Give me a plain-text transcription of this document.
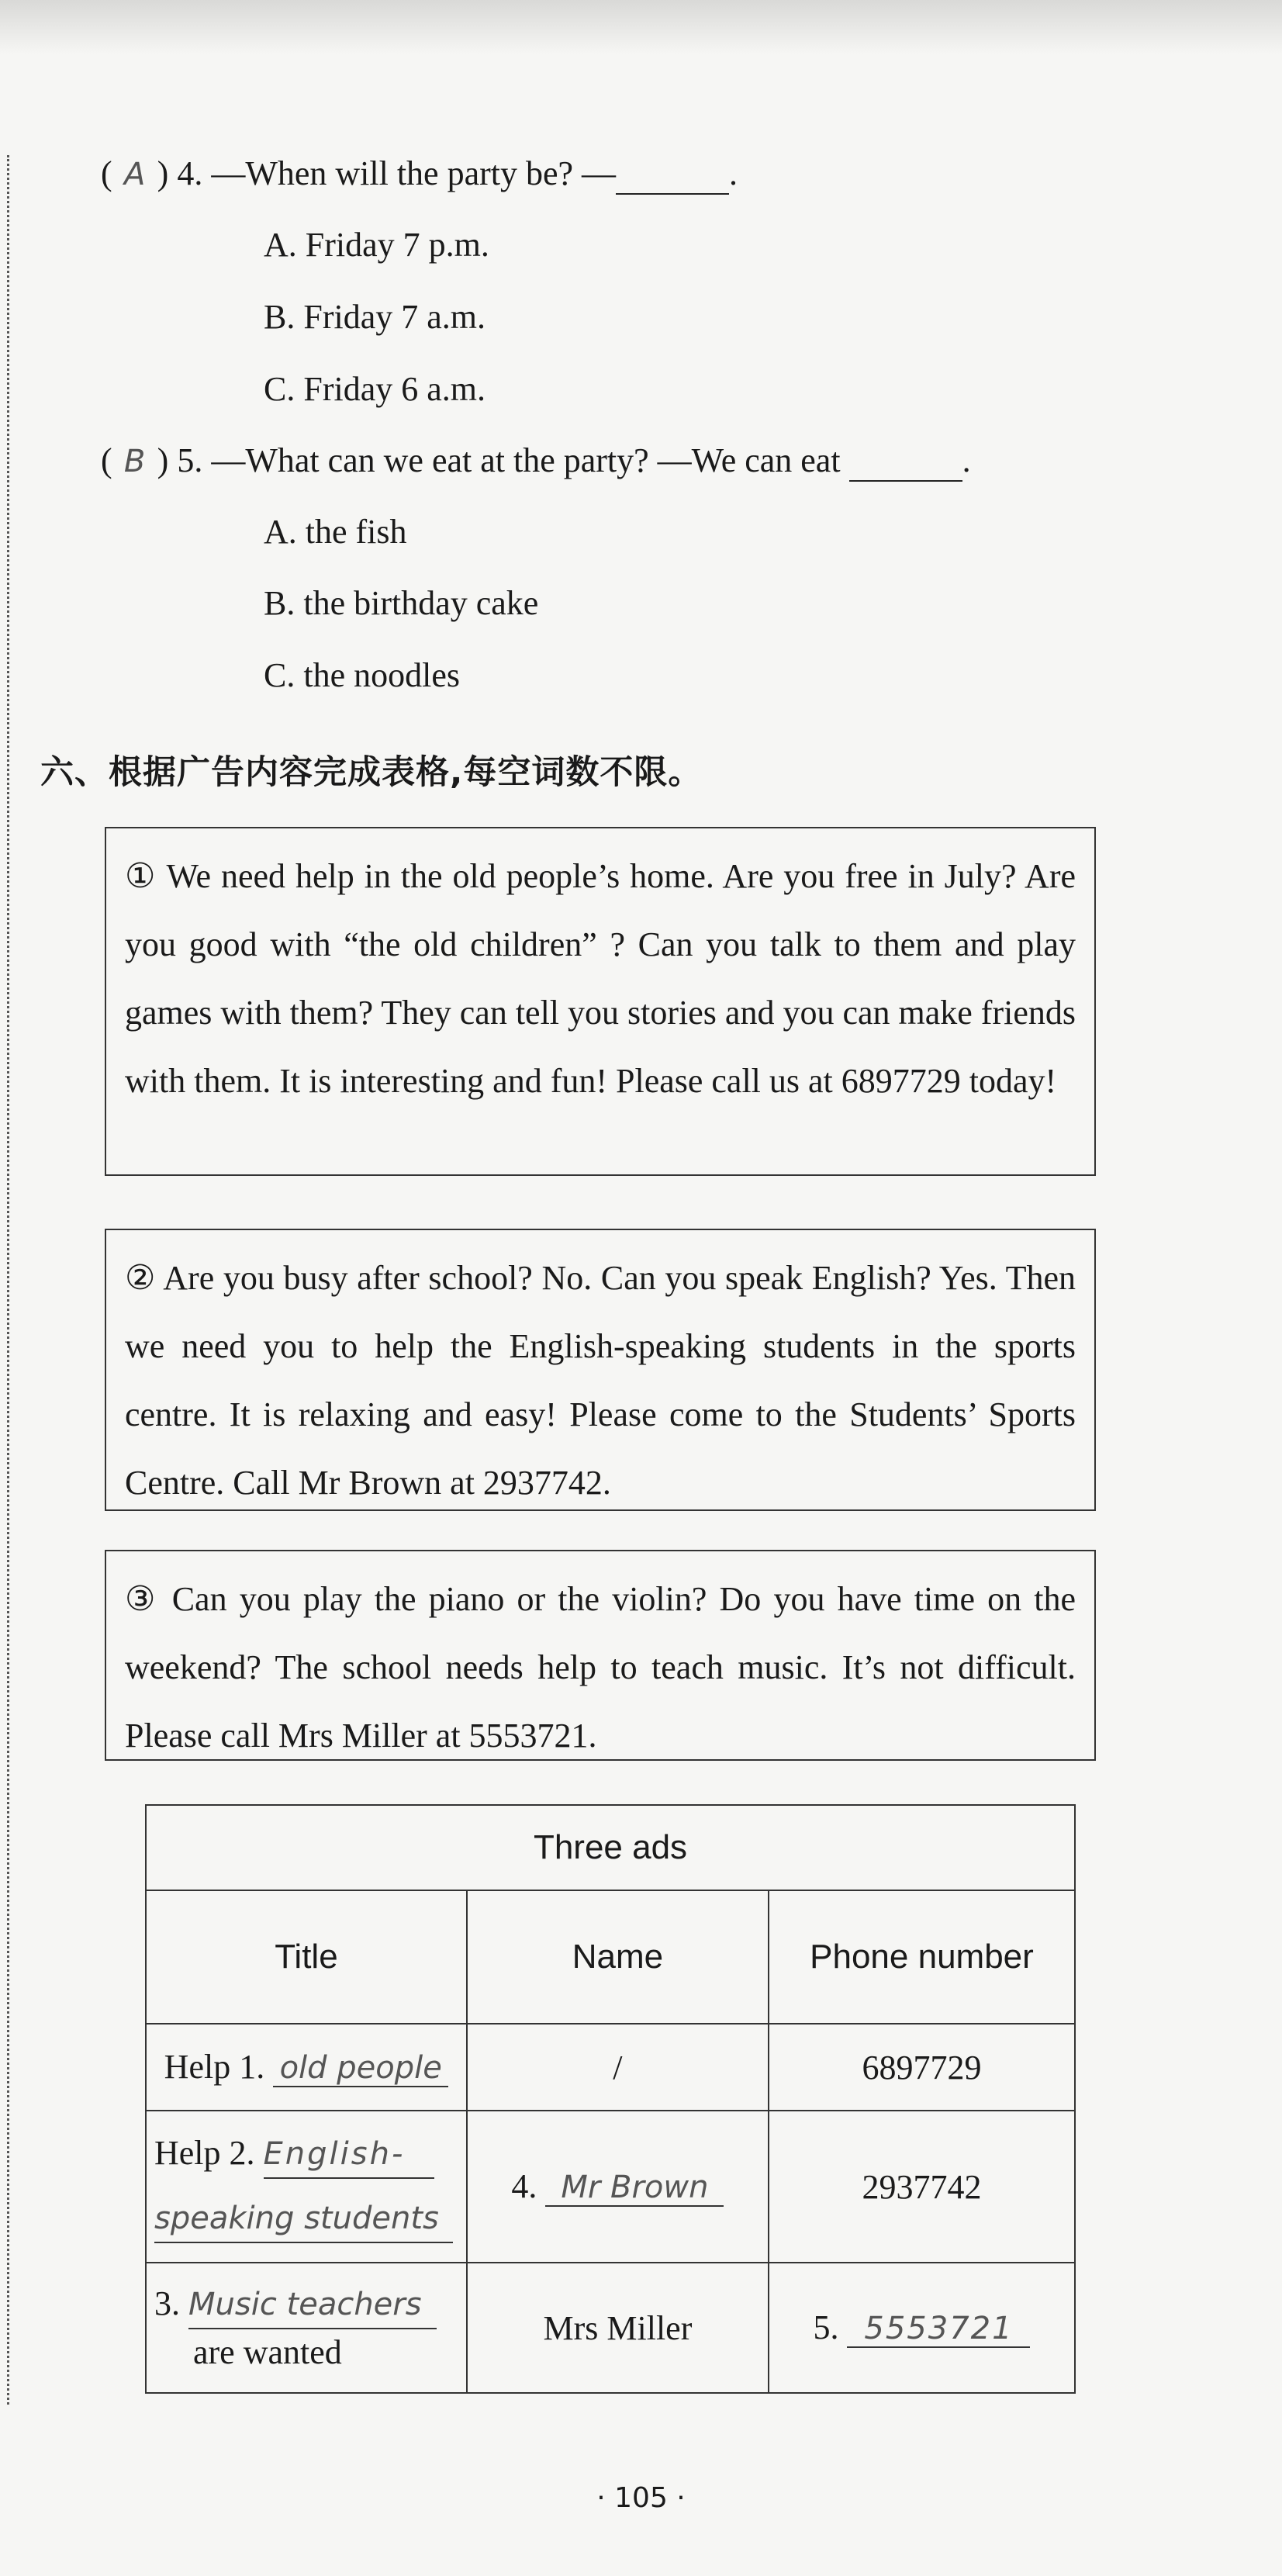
( A ) 4. —When will the party be? —	.
A. Friday 7 p.m.
B. Friday 7 a.m.
C. Friday 6 a.m.
( B ) 5. —What can we eat at the party? —We can eat	.
A. the fish
B. the birthday cake
C. the noodles
六、根据广告内容完成表格,每空词数不限。
① We need help in the old people’s home. Are you free in July? Are you good with “the old children” ? Can you talk to them and play games with them? They can tell you stories and you can make friends with them. It is interesting and fun! Please call us at 6897729 today!
② Are you busy after school? No. Can you speak English? Yes. Then we need you to help the English-speaking students in the sports centre. It is relaxing and easy! Please come to the Students’ Sports Centre. Call Mr Brown at 2937742.
③ Can you play the piano or the violin? Do you have time on the weekend? The school needs help to teach music. It’s not difficult. Please call Mrs Miller at 5553721.
Three ads		
Title	Name	Phone number
Help 1. old people	/	6897729

Help 2. English-
speaking students	4. Mr Brown	2937742

3. Music teachers
are wanted	Mrs Miller	5. 5553721
· 105 ·
